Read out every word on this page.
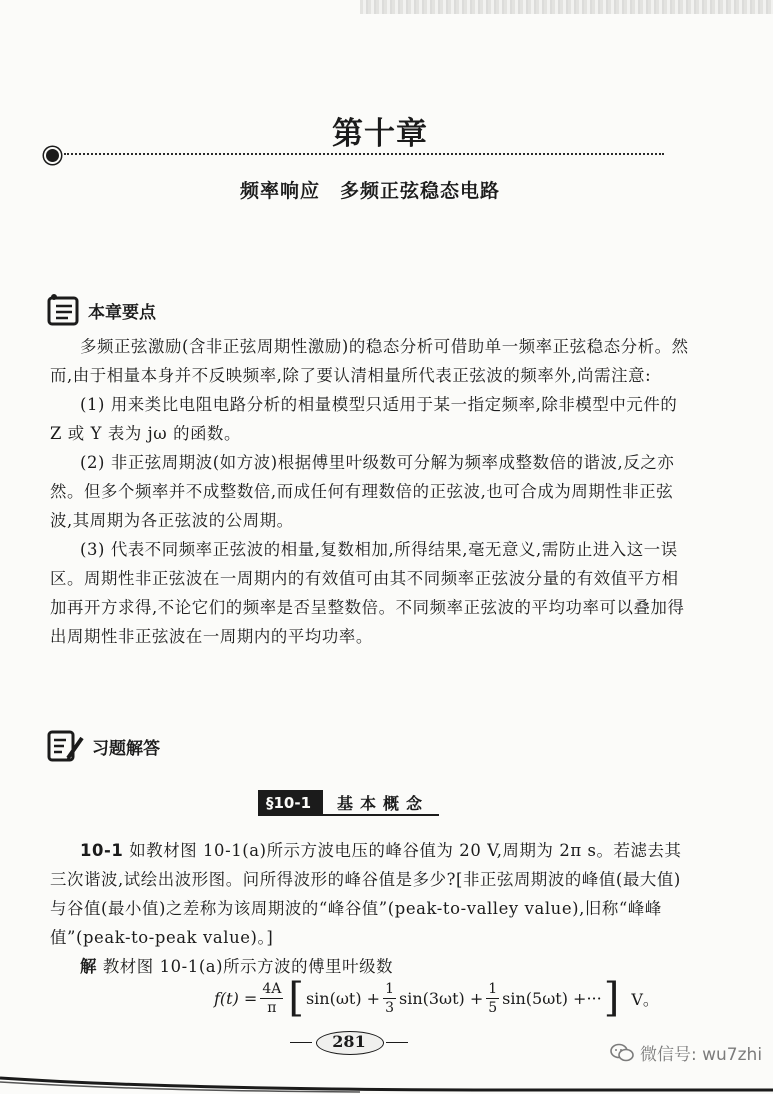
第十章
频率响应　多频正弦稳态电路
本章要点

多频正弦激励(含非正弦周期性激励)的稳态分析可借助单一频率正弦稳态分析。然而,由于相量本身并不反映频率,除了要认清相量所代表正弦波的频率外,尚需注意:

(1) 用来类比电阻电路分析的相量模型只适用于某一指定频率,除非模型中元件的 Z 或 Y 表为 jω 的函数。

(2) 非正弦周期波(如方波)根据傅里叶级数可分解为频率成整数倍的谐波,反之亦然。但多个频率并不成整数倍,而成任何有理数倍的正弦波,也可合成为周期性非正弦波,其周期为各正弦波的公周期。

(3) 代表不同频率正弦波的相量,复数相加,所得结果,毫无意义,需防止进入这一误区。周期性非正弦波在一周期内的有效值可由其不同频率正弦波分量的有效值平方相加再开方求得,不论它们的频率是否呈整数倍。不同频率正弦波的平均功率可以叠加得出周期性非正弦波在一周期内的平均功率。

习题解答
§10-1	基本概念

10-1 如教材图 10-1(a)所示方波电压的峰谷值为 20 V,周期为 2π s。若滤去其三次谐波,试绘出波形图。问所得波形的峰谷值是多少?[非正弦周期波的峰值(最大值)与谷值(最小值)之差称为该周期波的“峰谷值”(peak-to-valley value),旧称“峰峰值”(peak-to-peak value)。]

解 教材图 10-1(a)所示方波的傅里叶级数

$f(t) = \frac{4A}{\pi}$ [ $\sin(\omega t) + \frac{1}{3} \sin(3\omega t) + \frac{1}{5} \sin(5\omega t)$ +··· ] V。
281
微信号: wu7zhi
